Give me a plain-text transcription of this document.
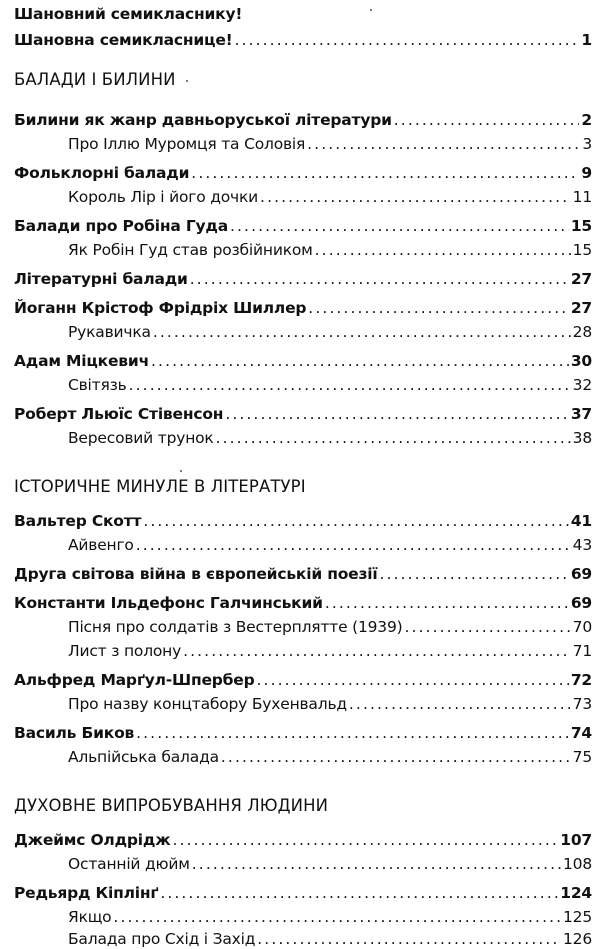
Шановний семикласнику!
Шановна семикласнице! .....	1
БАЛАДИ І БИЛИНИ
Билини як жанр давньоруської літератури .....	2
Про Іллю Муромця та Соловія .....	3
Фольклорні балади .....	9
Король Лір і його дочки .....	11
Балади про Робіна Гуда .....	15
Як Робін Гуд став розбійником .....	15
Літературні балади .....	27
Йоганн Крістоф Фрідріх Шиллер .....	27
Рукавичка .....	28
Адам Міцкевич .....	30
Світязь .....	32
Роберт Льюїс Стівенсон .....	37
Вересовий трунок .....	38
ІСТОРИЧНЕ МИНУЛЕ В ЛІТЕРАТУРІ
Вальтер Скотт .....	41
Айвенго .....	43
Друга світова війна в європейській поезії .....	69
Константи Ільдефонс Галчинський .....	69
Пісня про солдатів з Вестерплятте (1939) .....	70
Лист з полону .....	71
Альфред Марґул-Шпербер .....	72
Про назву концтабору Бухенвальд .....	73
Василь Биков .....	74
Альпійська балада .....	75
ДУХОВНЕ ВИПРОБУВАННЯ ЛЮДИНИ
Джеймс Олдрідж .....	107
Останній дюйм .....	108
Редьярд Кіплінґ .....	124
Якщо .....	125
Балада про Схід і Захід .....	126
